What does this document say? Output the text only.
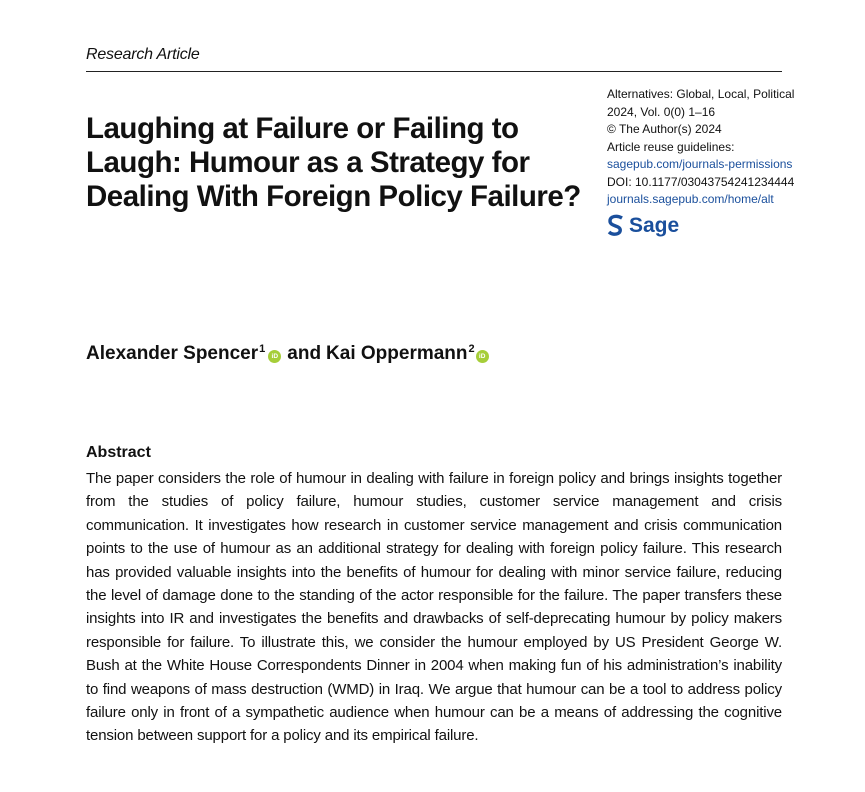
Research Article
Laughing at Failure or Failing to Laugh: Humour as a Strategy for Dealing With Foreign Policy Failure?
Alternatives: Global, Local, Political
2024, Vol. 0(0) 1–16
© The Author(s) 2024
Article reuse guidelines:
sagepub.com/journals-permissions
DOI: 10.1177/03043754241234444
journals.sagepub.com/home/alt
Sage
Alexander Spencer$^1$
iD and Kai Oppermann$^2$
iD
Abstract

The paper considers the role of humour in dealing with failure in foreign policy and brings insights together from the studies of policy failure, humour studies, customer service management and crisis communication. It investigates how research in customer service management and crisis communication points to the use of humour as an additional strategy for dealing with foreign policy failure. This research has provided valuable insights into the benefits of humour for dealing with minor service failure, reducing the level of damage done to the standing of the actor responsible for the failure. The paper transfers these insights into IR and investigates the benefits and drawbacks of self-deprecating humour by policy makers responsible for failure. To illustrate this, we consider the humour employed by US President George W. Bush at the White House Correspondents Dinner in 2004 when making fun of his administration’s inability to find weapons of mass destruction (WMD) in Iraq. We argue that humour can be a tool to address policy failure only in front of a sympathetic audience when humour can be a means of addressing the cognitive tension between support for a policy and its empirical failure.
